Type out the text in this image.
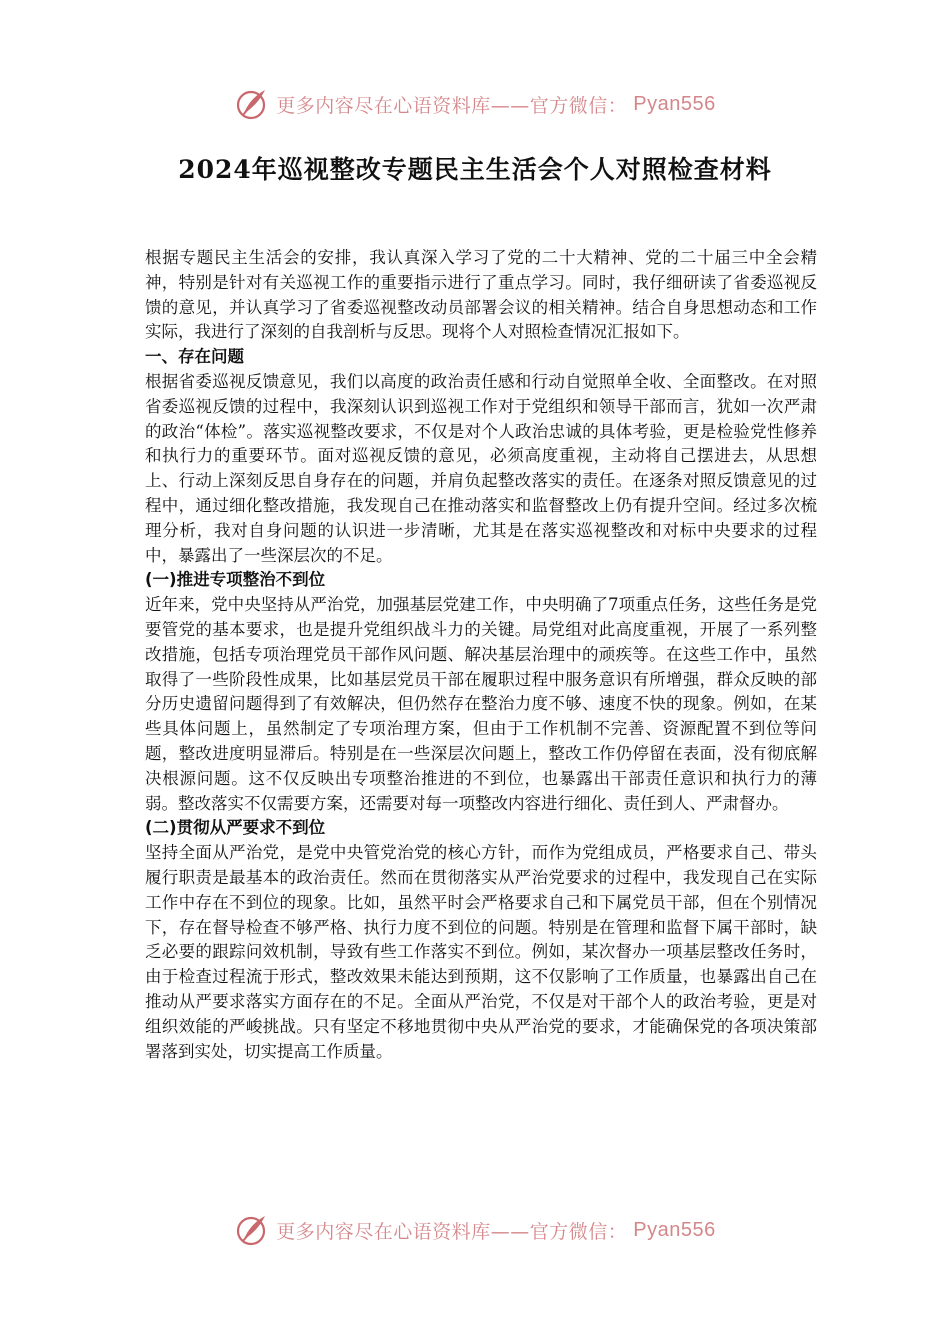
更多内容尽在心语资料库——官方微信： Pyan556
2024年巡视整改专题民主生活会个人对照检查材料

根据专题民主生活会的安排，我认真深入学习了党的二十大精神、党的二十届三中全会精神，特别是针对有关巡视工作的重要指示进行了重点学习。同时，我仔细研读了省委巡视反馈的意见，并认真学习了省委巡视整改动员部署会议的相关精神。结合自身思想动态和工作实际，我进行了深刻的自我剖析与反思。现将个人对照检查情况汇报如下。

一、存在问题

根据省委巡视反馈意见，我们以高度的政治责任感和行动自觉照单全收、全面整改。在对照省委巡视反馈的过程中，我深刻认识到巡视工作对于党组织和领导干部而言，犹如一次严肃的政治“体检”。落实巡视整改要求，不仅是对个人政治忠诚的具体考验，更是检验党性修养和执行力的重要环节。面对巡视反馈的意见，必须高度重视，主动将自己摆进去，从思想上、行动上深刻反思自身存在的问题，并肩负起整改落实的责任。在逐条对照反馈意见的过程中，通过细化整改措施，我发现自己在推动落实和监督整改上仍有提升空间。经过多次梳理分析，我对自身问题的认识进一步清晰，尤其是在落实巡视整改和对标中央要求的过程中，暴露出了一些深层次的不足。

(一)推进专项整治不到位

近年来，党中央坚持从严治党，加强基层党建工作，中央明确了7项重点任务，这些任务是党要管党的基本要求，也是提升党组织战斗力的关键。局党组对此高度重视，开展了一系列整改措施，包括专项治理党员干部作风问题、解决基层治理中的顽疾等。在这些工作中，虽然取得了一些阶段性成果，比如基层党员干部在履职过程中服务意识有所增强，群众反映的部分历史遗留问题得到了有效解决，但仍然存在整治力度不够、速度不快的现象。例如，在某些具体问题上，虽然制定了专项治理方案，但由于工作机制不完善、资源配置不到位等问题，整改进度明显滞后。特别是在一些深层次问题上，整改工作仍停留在表面，没有彻底解决根源问题。这不仅反映出专项整治推进的不到位，也暴露出干部责任意识和执行力的薄弱。整改落实不仅需要方案，还需要对每一项整改内容进行细化、责任到人、严肃督办。

(二)贯彻从严要求不到位

坚持全面从严治党，是党中央管党治党的核心方针，而作为党组成员，严格要求自己、带头履行职责是最基本的政治责任。然而在贯彻落实从严治党要求的过程中，我发现自己在实际工作中存在不到位的现象。比如，虽然平时会严格要求自己和下属党员干部，但在个别情况下，存在督导检查不够严格、执行力度不到位的问题。特别是在管理和监督下属干部时，缺乏必要的跟踪问效机制，导致有些工作落实不到位。例如，某次督办一项基层整改任务时，由于检查过程流于形式，整改效果未能达到预期，这不仅影响了工作质量，也暴露出自己在推动从严要求落实方面存在的不足。全面从严治党，不仅是对干部个人的政治考验，更是对组织效能的严峻挑战。只有坚定不移地贯彻中央从严治党的要求，才能确保党的各项决策部署落到实处，切实提高工作质量。

更多内容尽在心语资料库——官方微信： Pyan556
